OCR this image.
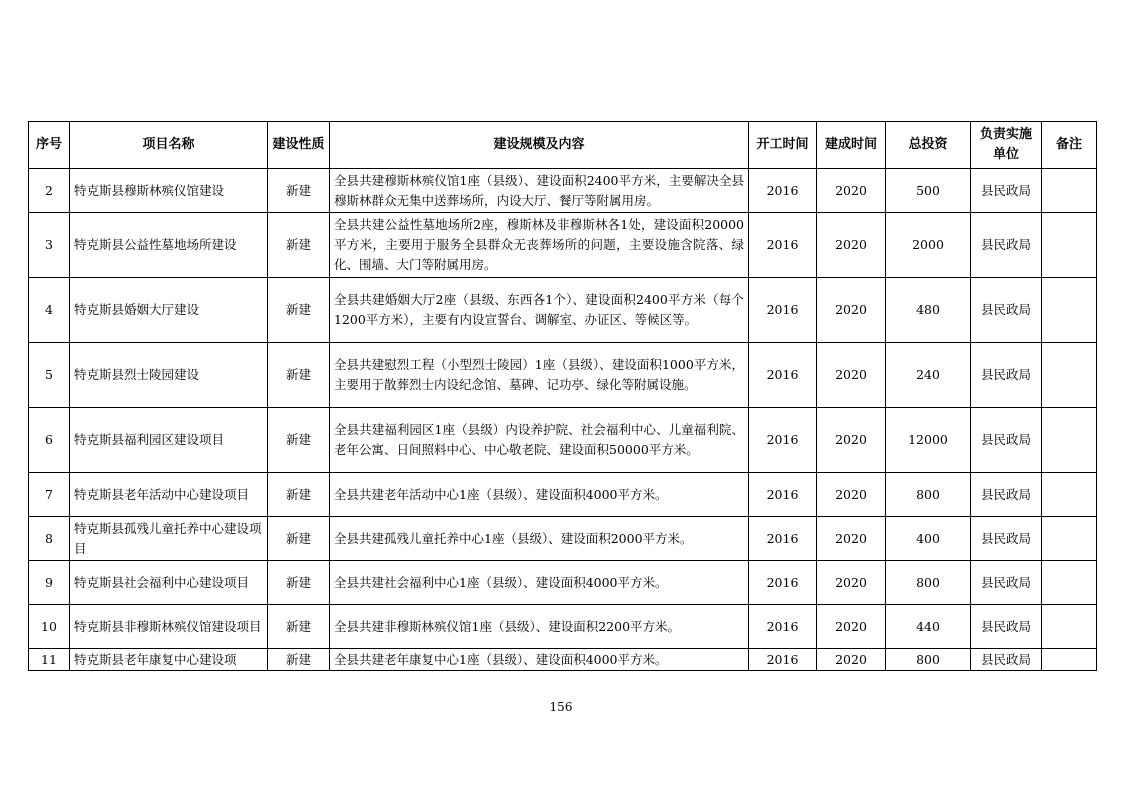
序号	项目名称	建设性质	建设规模及内容	开工时间	建成时间	总投资	负责实施单位	备注
2	特克斯县穆斯林殡仪馆建设	新建	全县共建穆斯林殡仪馆1座（县级）、建设面积2400平方米，主要解决全县穆斯林群众无集中送葬场所，内设大厅、餐厅等附属用房。	2016	2020	500	县民政局	
3	特克斯县公益性墓地场所建设	新建	全县共建公益性墓地场所2座，穆斯林及非穆斯林各1处，建设面积20000平方米，主要用于服务全县群众无丧葬场所的问题，主要设施含院落、绿化、围墙、大门等附属用房。	2016	2020	2000	县民政局	
4	特克斯县婚姻大厅建设	新建	全县共建婚姻大厅2座（县级、东西各1个）、建设面积2400平方米（每个1200平方米），主要有内设宣誓台、调解室、办证区、等候区等。	2016	2020	480	县民政局	
5	特克斯县烈士陵园建设	新建	全县共建慰烈工程（小型烈士陵园）1座（县级）、建设面积1000平方米，主要用于散葬烈士内设纪念馆、墓碑、记功亭、绿化等附属设施。	2016	2020	240	县民政局	
6	特克斯县福利园区建设项目	新建	全县共建福利园区1座（县级）内设养护院、社会福利中心、儿童福利院、老年公寓、日间照料中心、中心敬老院、建设面积50000平方米。	2016	2020	12000	县民政局	
7	特克斯县老年活动中心建设项目	新建	全县共建老年活动中心1座（县级）、建设面积4000平方米。	2016	2020	800	县民政局	
8	特克斯县孤残儿童托养中心建设项目	新建	全县共建孤残儿童托养中心1座（县级）、建设面积2000平方米。	2016	2020	400	县民政局	
9	特克斯县社会福利中心建设项目	新建	全县共建社会福利中心1座（县级）、建设面积4000平方米。	2016	2020	800	县民政局	
10	特克斯县非穆斯林殡仪馆建设项目	新建	全县共建非穆斯林殡仪馆1座（县级）、建设面积2200平方米。	2016	2020	440	县民政局	
11	特克斯县老年康复中心建设项	新建	全县共建老年康复中心1座（县级）、建设面积4000平方米。	2016	2020	800	县民政局	
156
